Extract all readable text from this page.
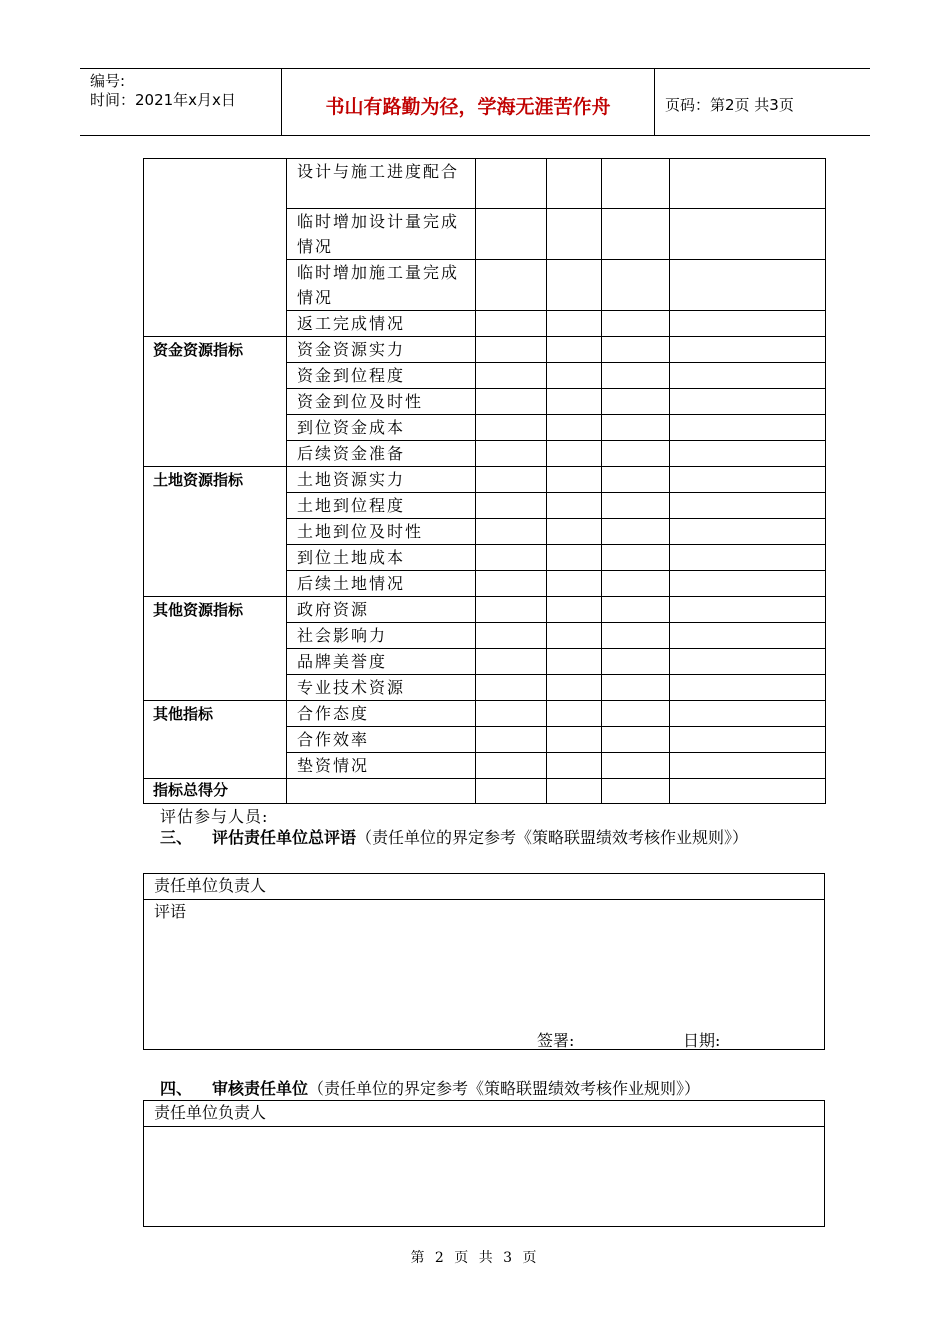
编号:
时间：2021年x月x日	书山有路勤为径，学海无涯苦作舟	页码：第2页 共3页
	设计与施工进度配合				
	临时增加设计量完成情况				
	临时增加施工量完成情况				
	返工完成情况				
资金资源指标	资金资源实力				
	资金到位程度				
	资金到位及时性				
	到位资金成本				
	后续资金准备				
土地资源指标	土地资源实力				
	土地到位程度				
	土地到位及时性				
	到位土地成本				
	后续土地情况				
其他资源指标	政府资源				
	社会影响力				
	品牌美誉度				
	专业技术资源				
其他指标	合作态度				
	合作效率				
	垫资情况				
指标总得分					
评估参与人员:
三、 评估责任单位总评语（责任单位的界定参考《策略联盟绩效考核作业规则》）
责任单位负责人
评语
签署:	日期:
四、 审核责任单位（责任单位的界定参考《策略联盟绩效考核作业规则》）
责任单位负责人

第 2 页 共 3 页
